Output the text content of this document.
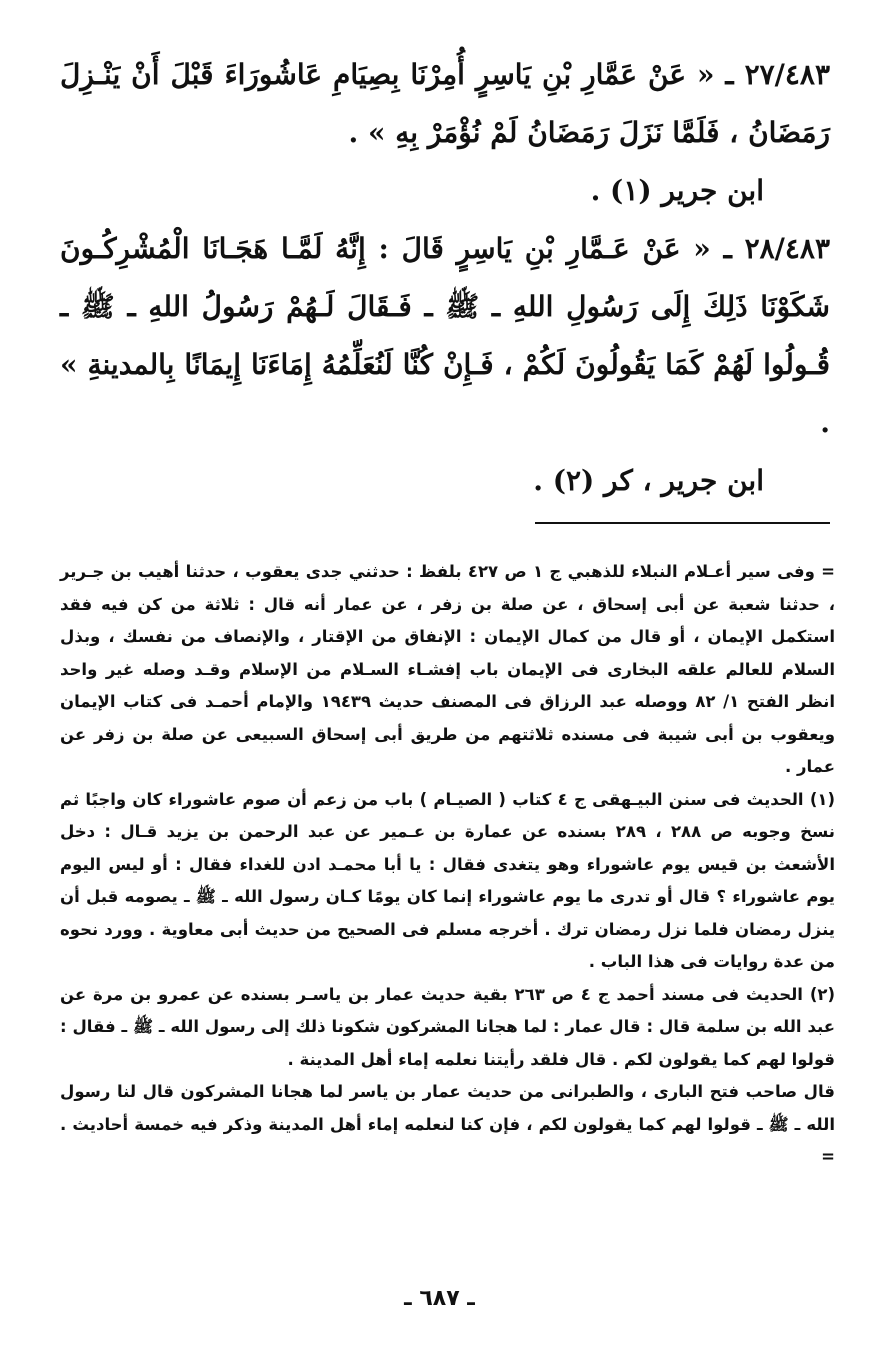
٢٧/٤٨٣ ـ « عَنْ عَمَّارِ بْنِ يَاسِرٍ أُمِرْنَا بِصِيَامِ عَاشُورَاءَ قَبْلَ أَنْ يَنْـزِلَ رَمَضَانُ ، فَلَمَّا نَزَلَ رَمَضَانُ لَمْ نُؤْمَرْ بِهِ » .

ابن جرير (١) .

٢٨/٤٨٣ ـ « عَنْ عَـمَّارِ بْنِ يَاسِرٍ قَالَ : إِنَّهُ لَمَّـا هَجَـانَا الْمُشْرِكُـونَ شَكَوْنَا ذَلِكَ إِلَى رَسُولِ اللهِ ـ ﷺ ـ فَـقَالَ لَـهُمْ رَسُولُ اللهِ ـ ﷺ ـ قُـولُوا لَهُمْ كَمَا يَقُولُونَ لَكُمْ ، فَـإِنْ كُنَّا لَنُعَلِّمُهُ إِمَاءَنَا إِيمَانًا بِالمدينةِ » .

ابن جرير ، كر (٢) .

= وفى سير أعـلام النبلاء للذهبي ج ١ ص ٤٢٧ بلفظ : حدثني جدى يعقوب ، حدثنا أهيب بن جـرير ، حدثنا شعبة عن أبى إسحاق ، عن صلة بن زفر ، عن عمار أنه قال : ثلاثة من كن فيه فقد استكمل الإيمان ، أو قال من كمال الإيمان : الإنفاق من الإقتار ، والإنصاف من نفسك ، وبذل السلام للعالم علقه البخارى فى الإيمان باب إفشـاء السـلام من الإسلام وقـد وصله غير واحد انظر الفتح ١/ ٨٢ ووصله عبد الرزاق فى المصنف حديث ١٩٤٣٩ والإمام أحمـد فى كتاب الإيمان ويعقوب بن أبى شيبة فى مسنده ثلاثتهم من طريق أبى إسحاق السبيعى عن صلة بن زفر عن عمار .

(١) الحديث فى سنن البيـهقى ج ٤ كتاب ( الصيـام ) باب من زعم أن صوم عاشوراء كان واجبًا ثم نسخ وجوبه ص ٢٨٨ ، ٢٨٩ بسنده عن عمارة بن عـمير عن عبد الرحمن بن يزيد قـال : دخل الأشعث بن قيس يوم عاشوراء وهو يتغدى فقال : يا أبا محمـد ادن للغداء فقال : أو ليس اليوم يوم عاشوراء ؟ قال أو تدرى ما يوم عاشوراء إنما كان يومًا كـان رسول الله ـ ﷺ ـ يصومه قبل أن ينزل رمضان فلما نزل رمضان ترك . أخرجه مسلم فى الصحيح من حديث أبى معاوية . وورد نحوه من عدة روايات فى هذا الباب .

(٢) الحديث فى مسند أحمد ج ٤ ص ٢٦٣ بقية حديث عمار بن ياسـر بسنده عن عمرو بن مرة عن عبد الله بن سلمة قال : قال عمار : لما هجانا المشركون شكونا ذلك إلى رسول الله ـ ﷺ ـ فقال : قولوا لهم كما يقولون لكم . قال فلقد رأيتنا نعلمه إماء أهل المدينة .

قال صاحب فتح البارى ، والطبرانى من حديث عمار بن ياسر لما هجانا المشركون قال لنا رسول الله ـ ﷺ ـ قولوا لهم كما يقولون لكم ، فإن كنا لنعلمه إماء أهل المدينة وذكر فيه خمسة أحاديث . =

ـ ٦٨٧ ـ
